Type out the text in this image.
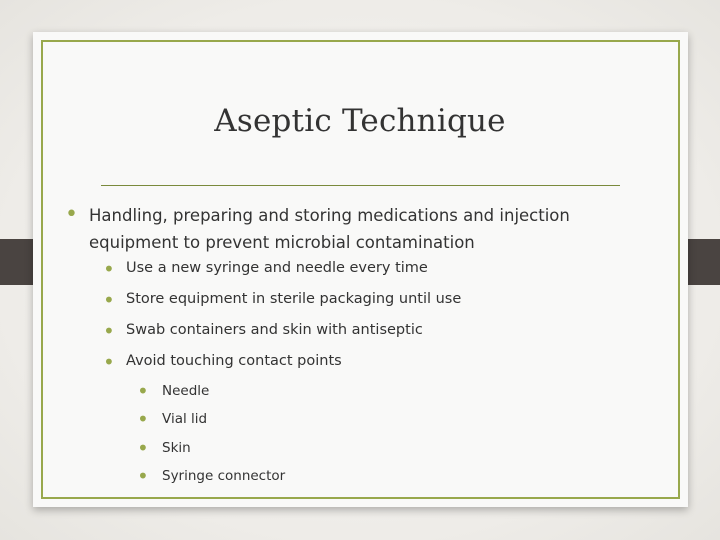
Aseptic Technique
• Handling, preparing and storing medications and injection
equipment to prevent microbial contamination
• Use a new syringe and needle every time
• Store equipment in sterile packaging until use
• Swab containers and skin with antiseptic
• Avoid touching contact points
• Needle
• Vial lid
• Skin
• Syringe connector
